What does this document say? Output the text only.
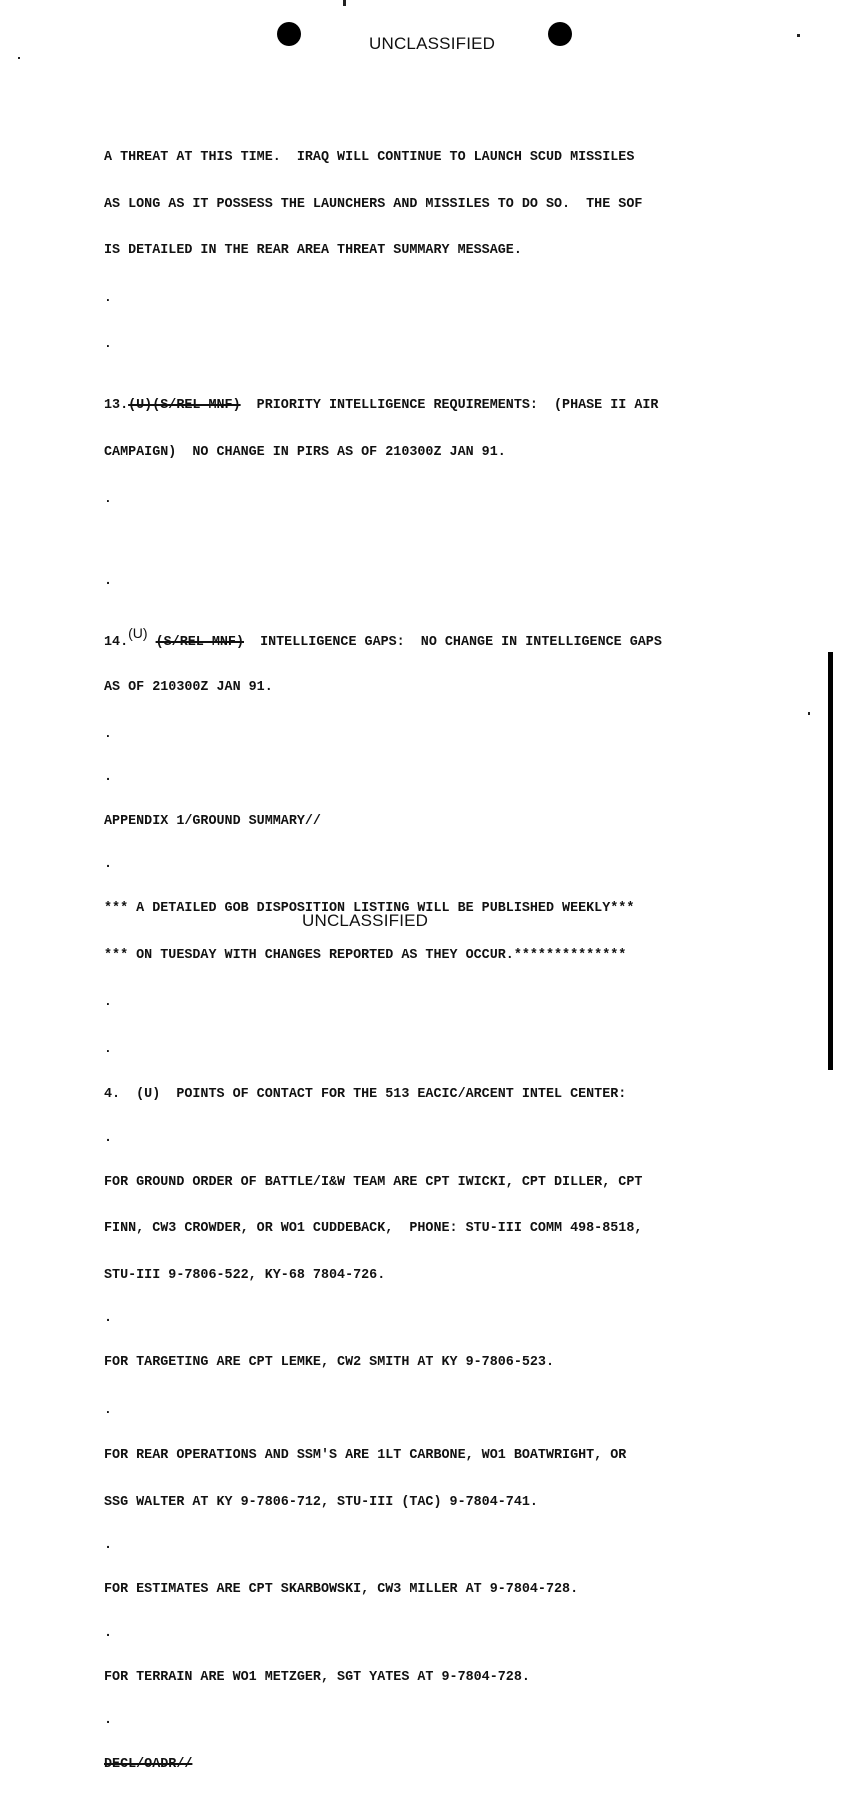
UNCLASSIFIED

A THREAT AT THIS TIME.  IRAQ WILL CONTINUE TO LAUNCH SCUD MISSILES

AS LONG AS IT POSSESS THE LAUNCHERS AND MISSILES TO DO SO.  THE SOF

IS DETAILED IN THE REAR AREA THREAT SUMMARY MESSAGE.

.

.

13.(U)(S/REL MNF)  PRIORITY INTELLIGENCE REQUIREMENTS:  (PHASE II AIR

CAMPAIGN)  NO CHANGE IN PIRS AS OF 210300Z JAN 91.

.

.

14.(U) (S/REL MNF)  INTELLIGENCE GAPS:  NO CHANGE IN INTELLIGENCE GAPS

AS OF 210300Z JAN 91.

.

.

APPENDIX 1/GROUND SUMMARY//

.

*** A DETAILED GOB DISPOSITION LISTING WILL BE PUBLISHED WEEKLY***

*** ON TUESDAY WITH CHANGES REPORTED AS THEY OCCUR.**************

.

.

4.  (U)  POINTS OF CONTACT FOR THE 513 EACIC/ARCENT INTEL CENTER:

.

FOR GROUND ORDER OF BATTLE/I&W TEAM ARE CPT IWICKI, CPT DILLER, CPT

FINN, CW3 CROWDER, OR WO1 CUDDEBACK,  PHONE: STU-III COMM 498-8518,

STU-III 9-7806-522, KY-68 7804-726.

.

FOR TARGETING ARE CPT LEMKE, CW2 SMITH AT KY 9-7806-523.

.

FOR REAR OPERATIONS AND SSM'S ARE 1LT CARBONE, WO1 BOATWRIGHT, OR

SSG WALTER AT KY 9-7806-712, STU-III (TAC) 9-7804-741.

.

FOR ESTIMATES ARE CPT SKARBOWSKI, CW3 MILLER AT 9-7804-728.

.

FOR TERRAIN ARE WO1 METZGER, SGT YATES AT 9-7804-728.

.

DECL/OADR//

UNCLASSIFIED
